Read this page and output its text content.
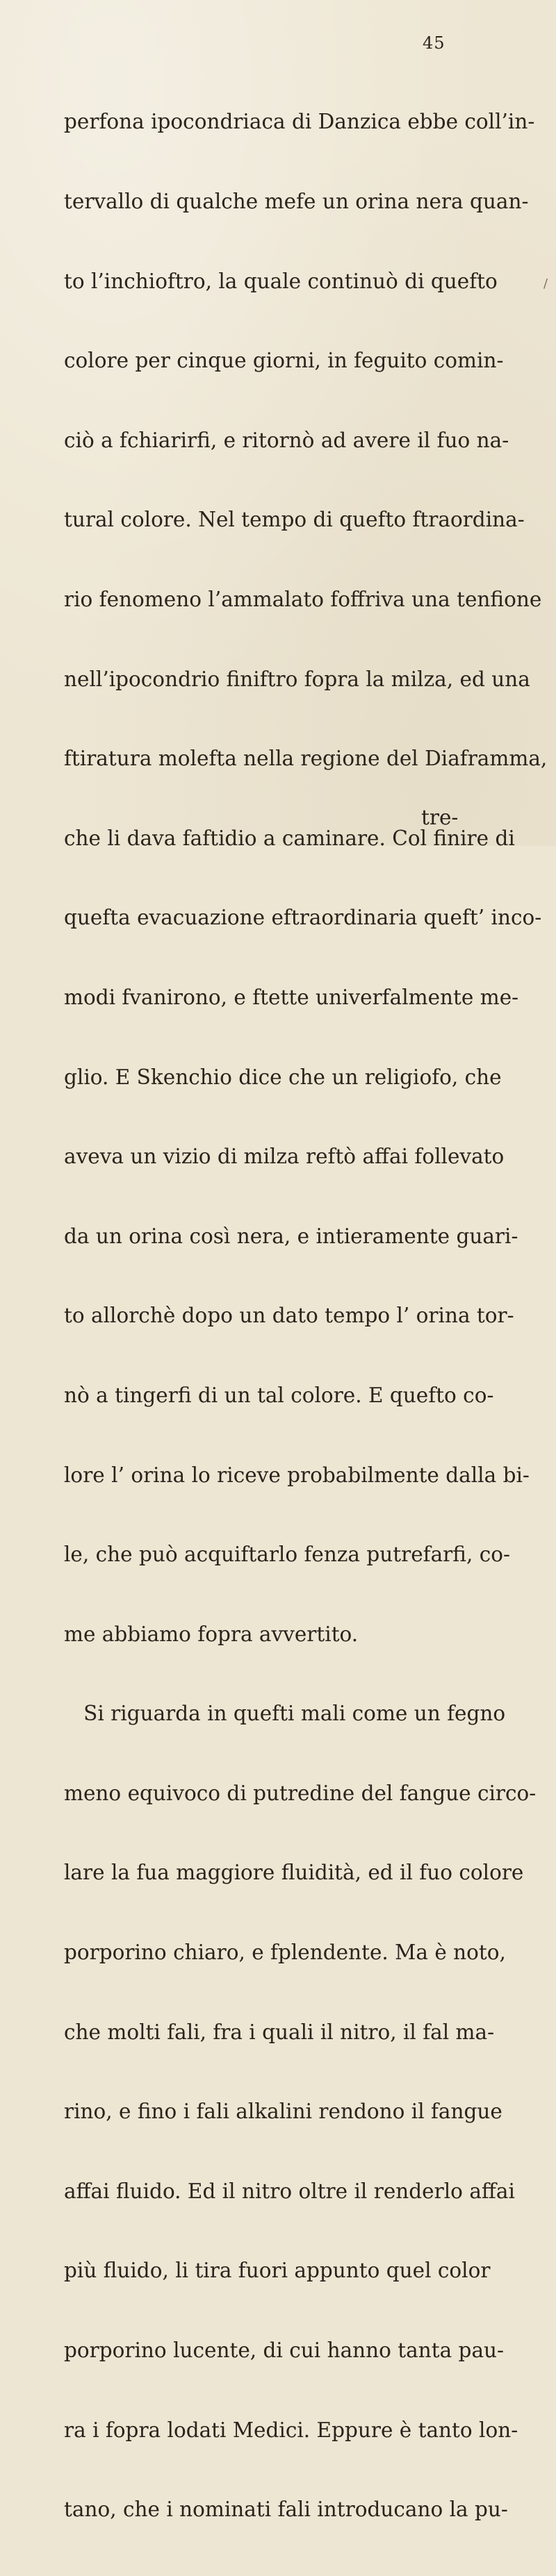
45

perfona ipocondriaca di Danzica ebbe coll’in-

tervallo di qualche mefe un orina nera quan-

to l’inchioftro, la quale continuò di quefto

colore per cinque giorni, in feguito comin-

ciò a fchiarirfi, e ritornò ad avere il fuo na-

tural colore. Nel tempo di quefto ftraordina-

rio fenomeno l’ammalato foffriva una tenfione

nell’ipocondrio finiftro fopra la milza, ed una

ftiratura molefta nella regione del Diaframma,

che li dava faftidio a caminare. Col finire di

quefta evacuazione eftraordinaria queft’ inco-

modi fvanirono, e ftette univerfalmente me-

glio. E Skenchio dice che un religiofo, che

aveva un vizio di milza reftò affai follevato

da un orina così nera, e intieramente guari-

to allorchè dopo un dato tempo l’ orina tor-

nò a tingerfi di un tal colore. E quefto co-

lore l’ orina lo riceve probabilmente dalla bi-

le, che può acquiftarlo fenza putrefarfi, co-

me abbiamo fopra avvertito.

Si riguarda in quefti mali come un fegno

meno equivoco di putredine del fangue circo-

lare la fua maggiore fluidità, ed il fuo colore

porporino chiaro, e fplendente. Ma è noto,

che molti fali, fra i quali il nitro, il fal ma-

rino, e fino i fali alkalini rendono il fangue

affai fluido. Ed il nitro oltre il renderlo affai

più fluido, li tira fuori appunto quel color

porporino lucente, di cui hanno tanta pau-

ra i fopra lodati Medici. Eppure è tanto lon-

tano, che i nominati fali introducano la pu-

tre-
/
